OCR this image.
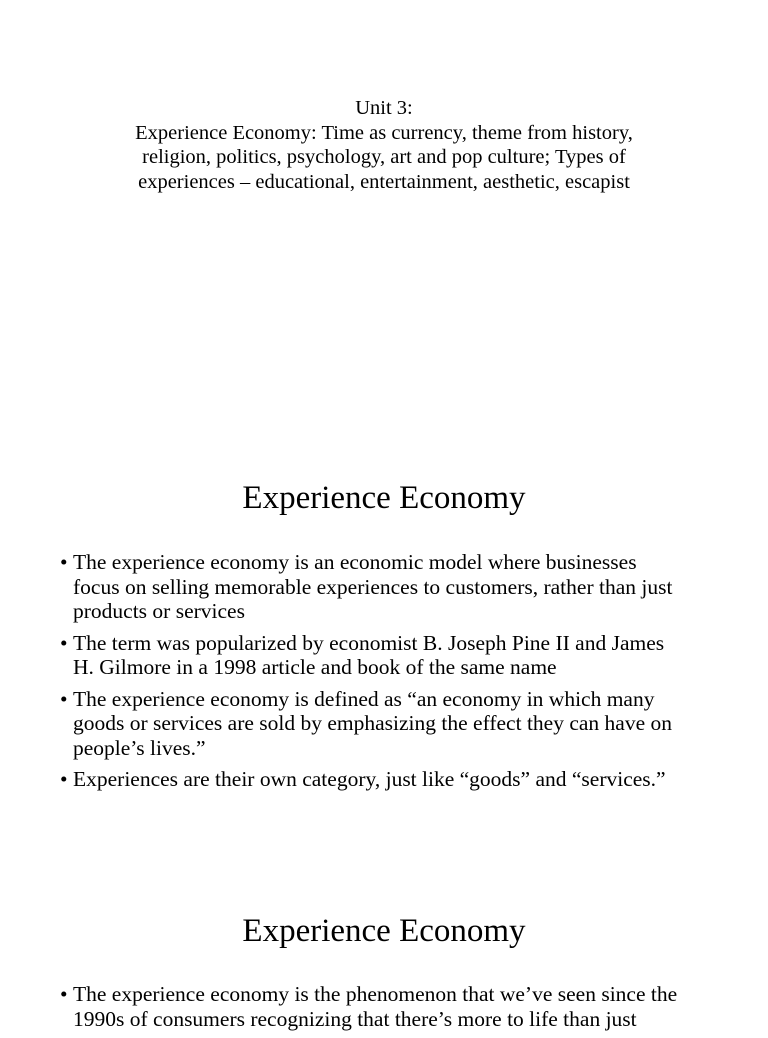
Unit 3:
Experience Economy: Time as currency, theme from history,
religion, politics, psychology, art and pop culture; Types of
experiences – educational, entertainment, aesthetic, escapist
Experience Economy
• The experience economy is an economic model where businesses
focus on selling memorable experiences to customers, rather than just
products or services
• The term was popularized by economist B. Joseph Pine II and James
H. Gilmore in a 1998 article and book of the same name
• The experience economy is defined as “an economy in which many
goods or services are sold by emphasizing the effect they can have on
people’s lives.”
• Experiences are their own category, just like “goods” and “services.”
Experience Economy
• The experience economy is the phenomenon that we’ve seen since the
1990s of consumers recognizing that there’s more to life than just
